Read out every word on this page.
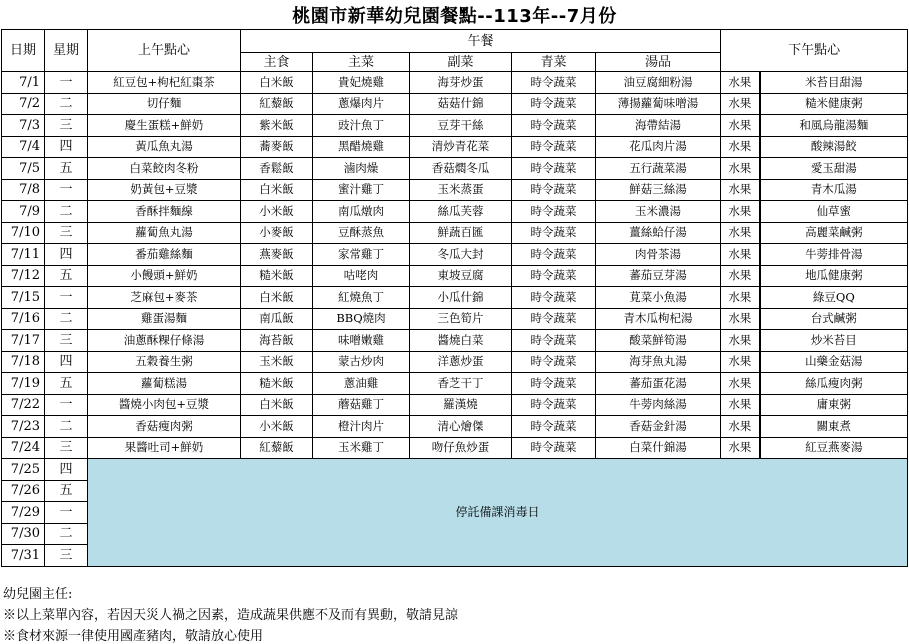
桃園市新華幼兒園餐點--113年--7月份
日期	星期	上午點心	午餐					下午點心	
			主食	主菜	副菜	青菜	湯品		
7/1	一	紅豆包+枸杞紅棗茶	白米飯	貴妃燒雞	海芽炒蛋	時令蔬菜	油豆腐細粉湯	水果	米苔目甜湯
7/2	二	切仔麵	紅藜飯	蔥爆肉片	菇菇什錦	時令蔬菜	薄揚蘿蔔味噌湯	水果	糙米健康粥
7/3	三	慶生蛋糕+鮮奶	紫米飯	豉汁魚丁	豆芽干絲	時令蔬菜	海帶結湯	水果	和風烏龍湯麵
7/4	四	黃瓜魚丸湯	蕎麥飯	黑醋燒雞	清炒青花菜	時令蔬菜	花瓜肉片湯	水果	酸辣湯餃
7/5	五	白菜餃肉冬粉	香鬆飯	滷肉燥	香菇燜冬瓜	時令蔬菜	五行蔬菜湯	水果	愛玉甜湯
7/8	一	奶黃包+豆漿	白米飯	蜜汁雞丁	玉米蒸蛋	時令蔬菜	鮮菇三絲湯	水果	青木瓜湯
7/9	二	香酥拌麵線	小米飯	南瓜燉肉	絲瓜芙蓉	時令蔬菜	玉米濃湯	水果	仙草蜜
7/10	三	蘿蔔魚丸湯	小麥飯	豆酥蒸魚	鮮蔬百匯	時令蔬菜	薑絲蛤仔湯	水果	高麗菜鹹粥
7/11	四	番茄雞絲麵	燕麥飯	家常雞丁	冬瓜大封	時令蔬菜	肉骨茶湯	水果	牛蒡排骨湯
7/12	五	小饅頭+鮮奶	糙米飯	咕咾肉	東坡豆腐	時令蔬菜	蕃茄豆芽湯	水果	地瓜健康粥
7/15	一	芝麻包+麥茶	白米飯	紅燒魚丁	小瓜什錦	時令蔬菜	莧菜小魚湯	水果	綠豆QQ
7/16	二	雞蛋湯麵	南瓜飯	BBQ燒肉	三色筍片	時令蔬菜	青木瓜枸杞湯	水果	台式鹹粥
7/17	三	油蔥酥粿仔條湯	海苔飯	味噌嫩雞	醬燒白菜	時令蔬菜	酸菜鮮筍湯	水果	炒米苔目
7/18	四	五穀養生粥	玉米飯	蒙古炒肉	洋蔥炒蛋	時令蔬菜	海芽魚丸湯	水果	山藥金菇湯
7/19	五	蘿蔔糕湯	糙米飯	蔥油雞	香芝干丁	時令蔬菜	蕃茄蛋花湯	水果	絲瓜瘦肉粥
7/22	一	醬燒小肉包+豆漿	白米飯	蘑菇雞丁	羅漢燒	時令蔬菜	牛蒡肉絲湯	水果	庸東粥
7/23	二	香菇瘦肉粥	小米飯	橙汁肉片	清心燴傑	時令蔬菜	香菇金針湯	水果	關東煮
7/24	三	果醬吐司+鮮奶	紅藜飯	玉米雞丁	吻仔魚炒蛋	時令蔬菜	白菜什錦湯	水果	紅豆燕麥湯
7/25	四	停託備課消毒日							
7/26	五								
7/29	一								
7/30	二								
7/31	三								
幼兒園主任:
※以上菜單內容，若因天災人禍之因素，造成蔬果供應不及而有異動，敬請見諒
※食材來源一律使用國產豬肉，敬請放心使用
